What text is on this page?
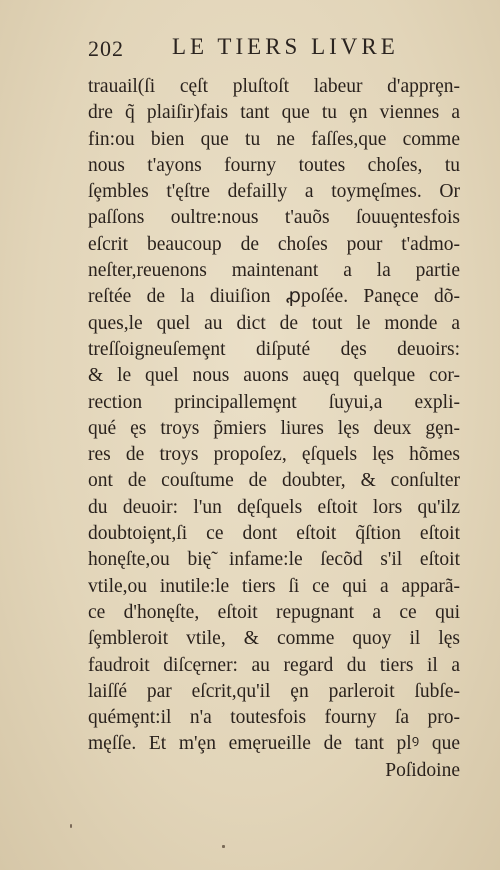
202 LE TIERS LIVRE
trauail(ſi cęſt pluſtoſt labeur d'apprȩn-
dre q̃ plaiſir)fais tant que tu ȩn viennes a
fin:ou bien que tu ne faſſes,que comme
nous t'ayons fourny toutes choſes, tu
ſȩmbles t'ęſtre defailly a toymęſmes. Or
paſſons oultre:nous t'auõs ſouuȩntesfois
eſcrit beaucoup de choſes pour t'admo-
neſter,reuenons maintenant a la partie
reſtée de la diuiſion ꝓpoſée. Panęce dõ-
ques,le quel au dict de tout le monde a
treſſoigneuſemȩnt diſputé dęs deuoirs:
& le quel nous auons auęq quelque cor-
rection principallemȩnt ſuyui,a expli-
qué ęs troys p̃miers liures lęs deux gȩn-
res de troys propoſez, ęſquels lęs hõmes
ont de couſtume de doubter, & conſulter
du deuoir: l'un dęſquels eſtoit lors qu'ilz
doubtoiȩnt,ſi ce dont eſtoit q̃ſtion eſtoit
honęſte,ou bię̃ infame:le ſecõd s'il eſtoit
vtile,ou inutile:le tiers ſi ce qui a apparã-
ce d'honęſte, eſtoit repugnant a ce qui
ſȩmbleroit vtile, & comme quoy il lęs
faudroit diſcęrner: au regard du tiers il a
laiſſé par eſcrit,qu'il ȩn parleroit ſubſe-
quémȩnt:il n'a toutesfois fourny ſa pro-
męſſe. Et m'ȩn emęrueille de tant plꝰ que
Poſidoine
